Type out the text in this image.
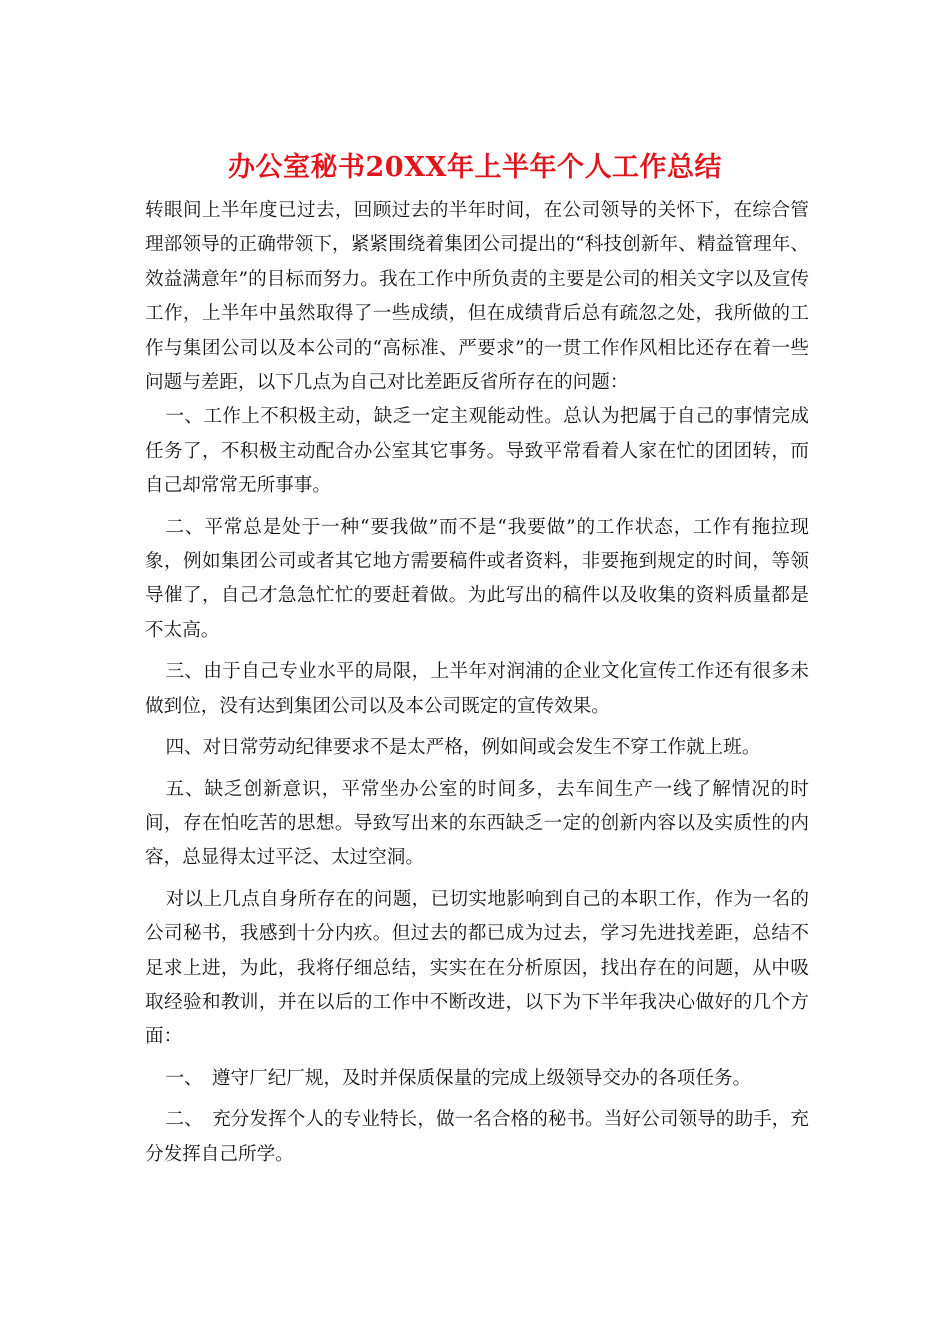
办公室秘书20XX年上半年个人工作总结

转眼间上半年度已过去，回顾过去的半年时间，在公司领导的关怀下，在综合管理部领导的正确带领下，紧紧围绕着集团公司提出的“科技创新年、精益管理年、效益满意年”的目标而努力。我在工作中所负责的主要是公司的相关文字以及宣传工作，上半年中虽然取得了一些成绩，但在成绩背后总有疏忽之处，我所做的工作与集团公司以及本公司的“高标准、严要求”的一贯工作作风相比还存在着一些问题与差距，以下几点为自己对比差距反省所存在的问题：

一、工作上不积极主动，缺乏一定主观能动性。总认为把属于自己的事情完成任务了，不积极主动配合办公室其它事务。导致平常看着人家在忙的团团转，而自己却常常无所事事。

二、平常总是处于一种“要我做”而不是“我要做”的工作状态，工作有拖拉现象，例如集团公司或者其它地方需要稿件或者资料，非要拖到规定的时间，等领导催了，自己才急急忙忙的要赶着做。为此写出的稿件以及收集的资料质量都是不太高。

三、由于自己专业水平的局限，上半年对润浦的企业文化宣传工作还有很多未做到位，没有达到集团公司以及本公司既定的宣传效果。

四、对日常劳动纪律要求不是太严格，例如间或会发生不穿工作就上班。

五、缺乏创新意识，平常坐办公室的时间多，去车间生产一线了解情况的时间，存在怕吃苦的思想。导致写出来的东西缺乏一定的创新内容以及实质性的内容，总显得太过平泛、太过空洞。

对以上几点自身所存在的问题，已切实地影响到自己的本职工作，作为一名的公司秘书，我感到十分内疚。但过去的都已成为过去，学习先进找差距，总结不足求上进，为此，我将仔细总结，实实在在分析原因，找出存在的问题，从中吸取经验和教训，并在以后的工作中不断改进，以下为下半年我决心做好的几个方面：

一、　遵守厂纪厂规，及时并保质保量的完成上级领导交办的各项任务。

二、　充分发挥个人的专业特长，做一名合格的秘书。当好公司领导的助手，充分发挥自己所学。
